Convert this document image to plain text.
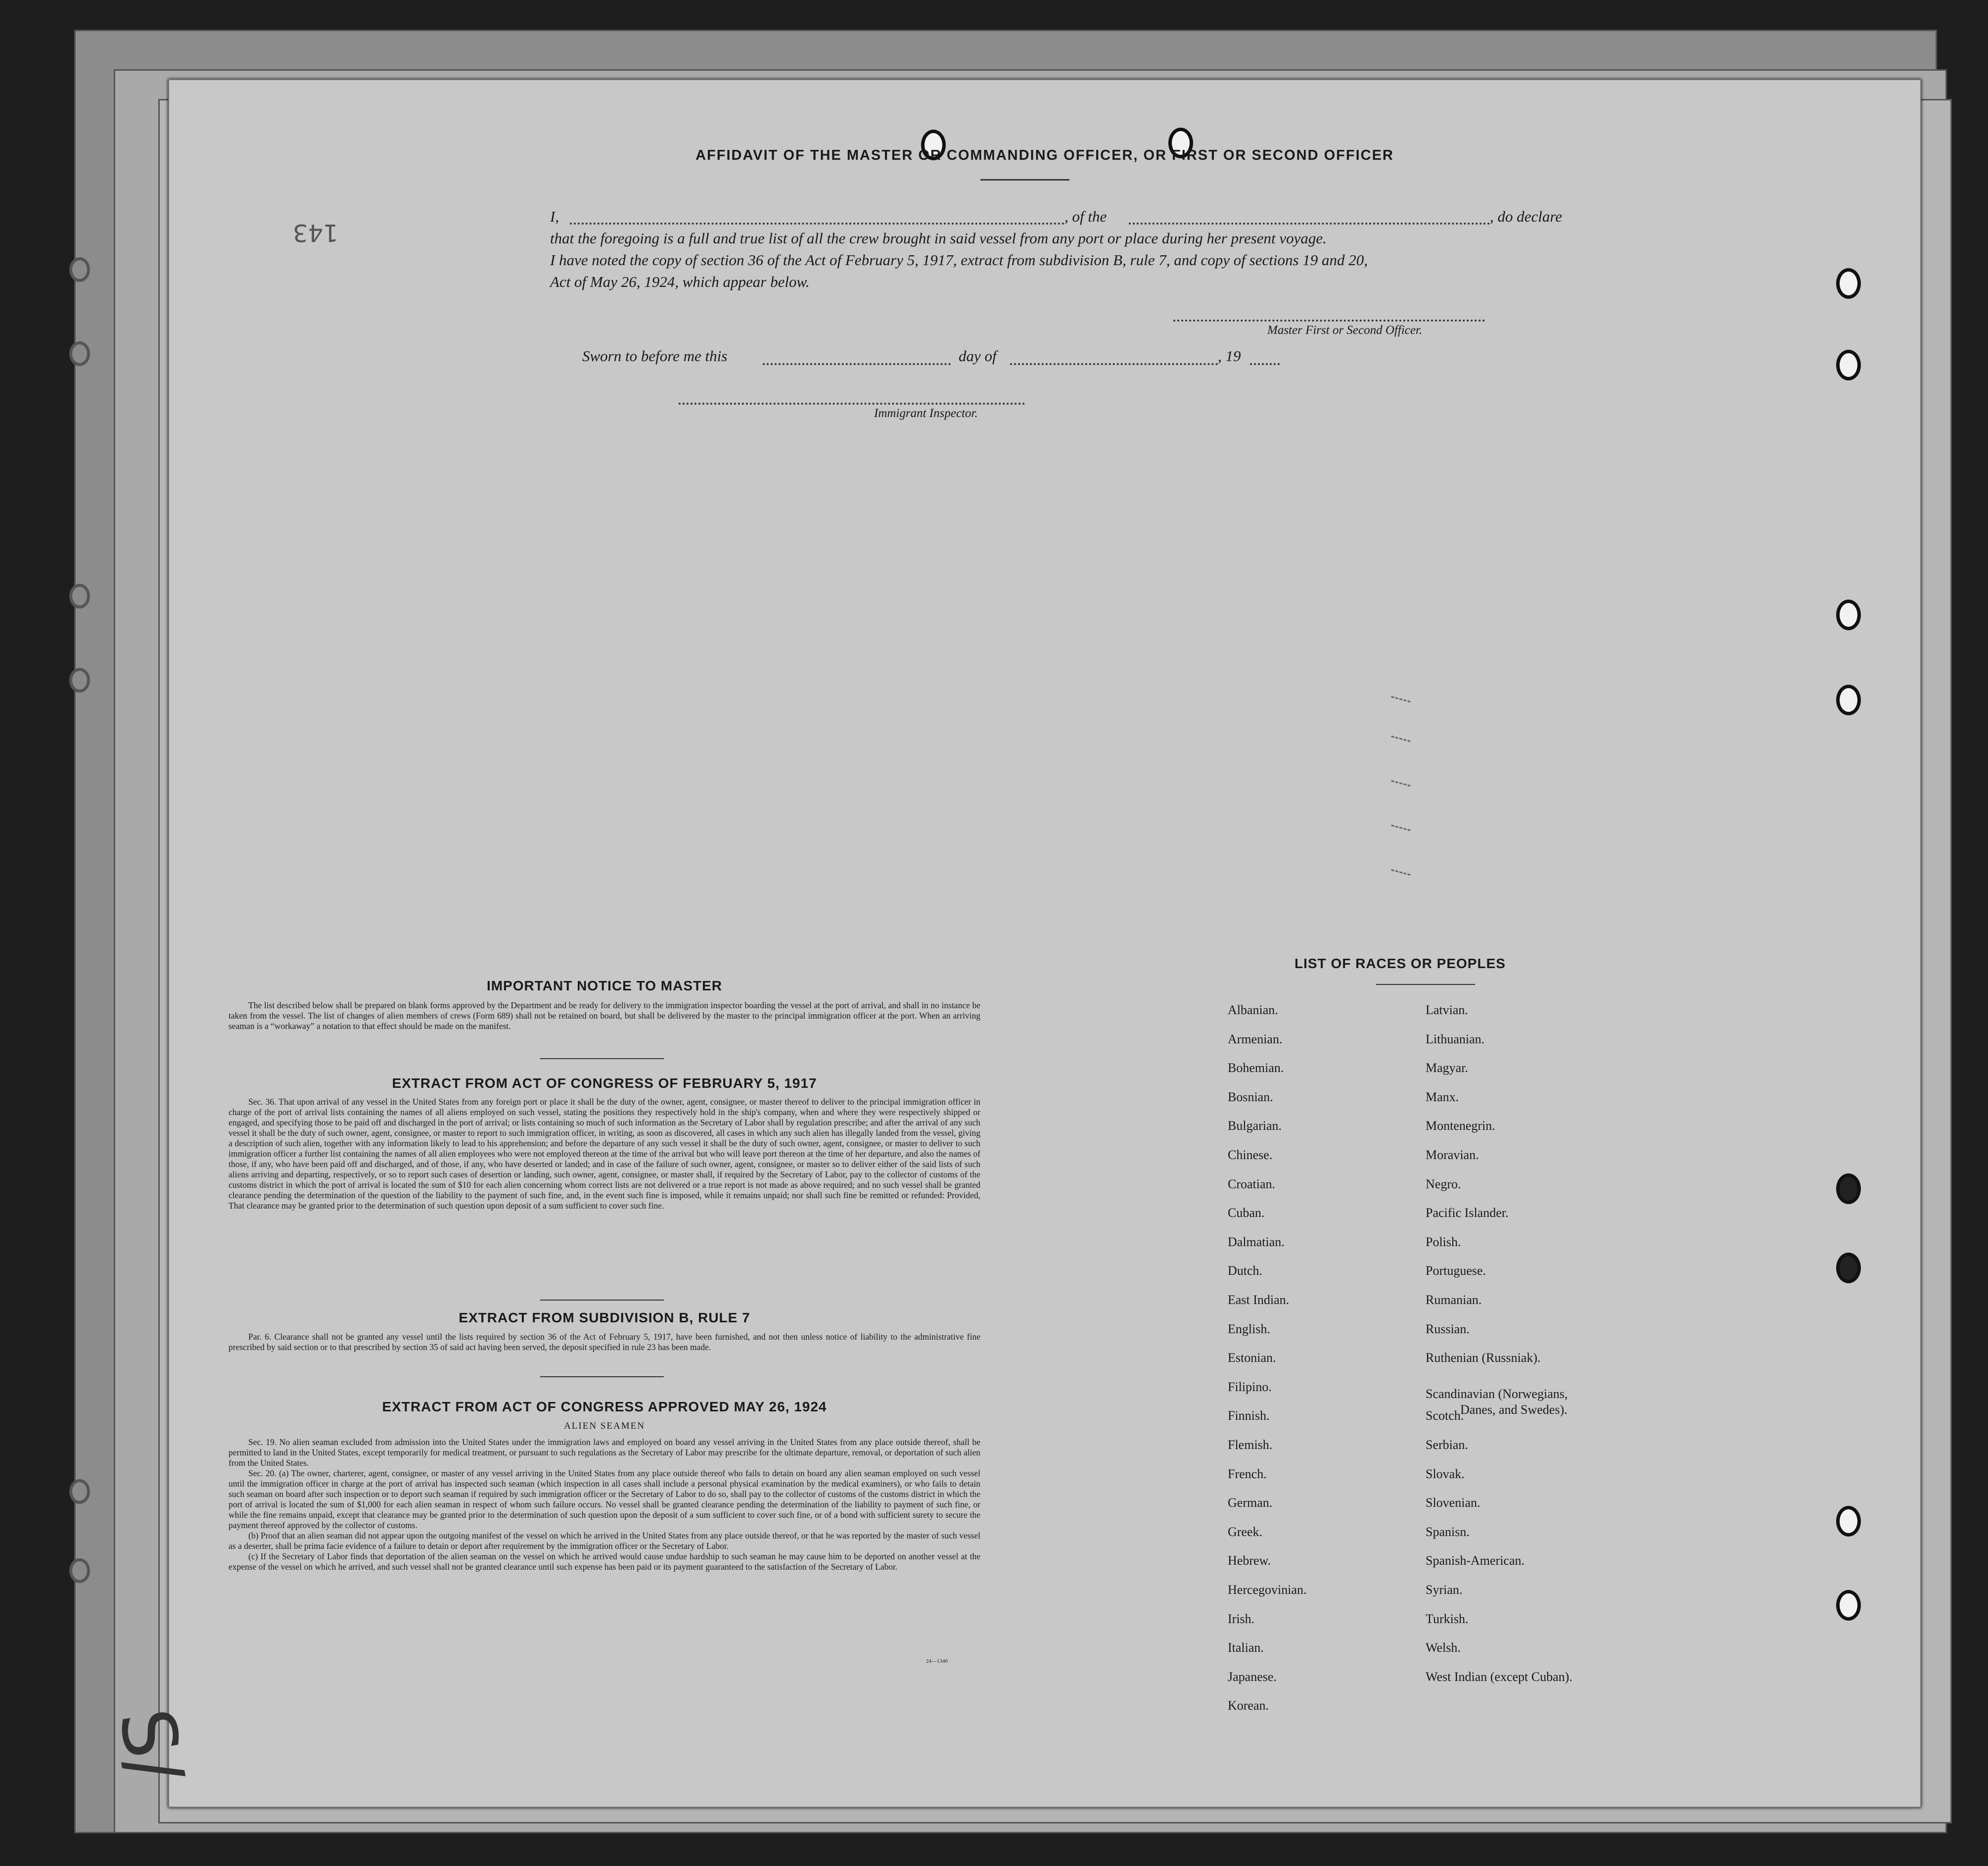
143
S/
AFFIDAVIT OF THE MASTER OR COMMANDING OFFICER, OR FIRST OR SECOND OFFICER
I,	, of the	, do declare
that the foregoing is a full and true list of all the crew brought in said vessel from any port or place during her present voyage.
I have noted the copy of section 36 of the Act of February 5, 1917, extract from subdivision B, rule 7, and copy of sections 19 and 20,
Act of May 26, 1924, which appear below.
Master First or Second Officer.
Sworn to before me this	day of	, 19
Immigrant Inspector.
IMPORTANT NOTICE TO MASTER

The list described below shall be prepared on blank forms approved by the Department and be ready for delivery to the immigration inspector boarding the vessel at the port of arrival, and shall in no instance be taken from the vessel. The list of changes of alien members of crews (Form 689) shall not be retained on board, but shall be delivered by the master to the principal immigration officer at the port. When an arriving seaman is a “workaway” a notation to that effect should be made on the manifest.

EXTRACT FROM ACT OF CONGRESS OF FEBRUARY 5, 1917

Sec. 36. That upon arrival of any vessel in the United States from any foreign port or place it shall be the duty of the owner, agent, consignee, or master thereof to deliver to the principal immigration officer in charge of the port of arrival lists containing the names of all aliens employed on such vessel, stating the positions they respectively hold in the ship's company, when and where they were respectively shipped or engaged, and specifying those to be paid off and discharged in the port of arrival; or lists containing so much of such information as the Secretary of Labor shall by regulation prescribe; and after the arrival of any such vessel it shall be the duty of such owner, agent, consignee, or master to report to such immigration officer, in writing, as soon as discovered, all cases in which any such alien has illegally landed from the vessel, giving a description of such alien, together with any information likely to lead to his apprehension; and before the departure of any such vessel it shall be the duty of such owner, agent, consignee, or master to deliver to such immigration officer a further list containing the names of all alien employees who were not employed thereon at the time of the arrival but who will leave port thereon at the time of her departure, and also the names of those, if any, who have been paid off and discharged, and of those, if any, who have deserted or landed; and in case of the failure of such owner, agent, consignee, or master so to deliver either of the said lists of such aliens arriving and departing, respectively, or so to report such cases of desertion or landing, such owner, agent, consignee, or master shall, if required by the Secretary of Labor, pay to the collector of customs of the customs district in which the port of arrival is located the sum of $10 for each alien concerning whom correct lists are not delivered or a true report is not made as above required; and no such vessel shall be granted clearance pending the determination of the question of the liability to the payment of such fine, and, in the event such fine is imposed, while it remains unpaid; nor shall such fine be remitted or refunded: Provided, That clearance may be granted prior to the determination of such question upon deposit of a sum sufficient to cover such fine.

EXTRACT FROM SUBDIVISION B, RULE 7

Par. 6. Clearance shall not be granted any vessel until the lists required by section 36 of the Act of February 5, 1917, have been furnished, and not then unless notice of liability to the administrative fine prescribed by said section or to that prescribed by section 35 of said act having been served, the deposit specified in rule 23 has been made.

EXTRACT FROM ACT OF CONGRESS APPROVED MAY 26, 1924
ALIEN SEAMEN

Sec. 19. No alien seaman excluded from admission into the United States under the immigration laws and employed on board any vessel arriving in the United States from any place outside thereof, shall be permitted to land in the United States, except temporarily for medical treatment, or pursuant to such regulations as the Secretary of Labor may prescribe for the ultimate departure, removal, or deportation of such alien from the United States.

Sec. 20. (a) The owner, charterer, agent, consignee, or master of any vessel arriving in the United States from any place outside thereof who fails to detain on board any alien seaman employed on such vessel until the immigration officer in charge at the port of arrival has inspected such seaman (which inspection in all cases shall include a personal physical examination by the medical examiners), or who fails to detain such seaman on board after such inspection or to deport such seaman if required by such immigration officer or the Secretary of Labor to do so, shall pay to the collector of customs of the customs district in which the port of arrival is located the sum of $1,000 for each alien seaman in respect of whom such failure occurs. No vessel shall be granted clearance pending the determination of the liability to payment of such fine, or while the fine remains unpaid, except that clearance may be granted prior to the determination of such question upon the deposit of a sum sufficient to cover such fine, or of a bond with sufficient surety to secure the payment thereof approved by the collector of customs.

(b) Proof that an alien seaman did not appear upon the outgoing manifest of the vessel on which he arrived in the United States from any place outside thereof, or that he was reported by the master of such vessel as a deserter, shall be prima facie evidence of a failure to detain or deport after requirement by the immigration officer or the Secretary of Labor.

(c) If the Secretary of Labor finds that deportation of the alien seaman on the vessel on which he arrived would cause undue hardship to such seaman he may cause him to be deported on another vessel at the expense of the vessel on which he arrived, and such vessel shall not be granted clearance until such expense has been paid or its payment guaranteed to the satisfaction of the Secretary of Labor.

24—1340
LIST OF RACES OR PEOPLES
Albanian.
Armenian.
Bohemian.
Bosnian.
Bulgarian.
Chinese.
Croatian.
Cuban.
Dalmatian.
Dutch.
East Indian.
English.
Estonian.
Filipino.
Finnish.
Flemish.
French.
German.
Greek.
Hebrew.
Hercegovinian.
Irish.
Italian.
Japanese.
Korean.
Latvian.
Lithuanian.
Magyar.
Manx.
Montenegrin.
Moravian.
Negro.
Pacific Islander.
Polish.
Portuguese.
Rumanian.
Russian.
Ruthenian (Russniak).
Scandinavian (Norwegians,
Danes, and Swedes).
Scotch.
Serbian.
Slovak.
Slovenian.
Spanisn.
Spanish-American.
Syrian.
Turkish.
Welsh.
West Indian (except Cuban).
